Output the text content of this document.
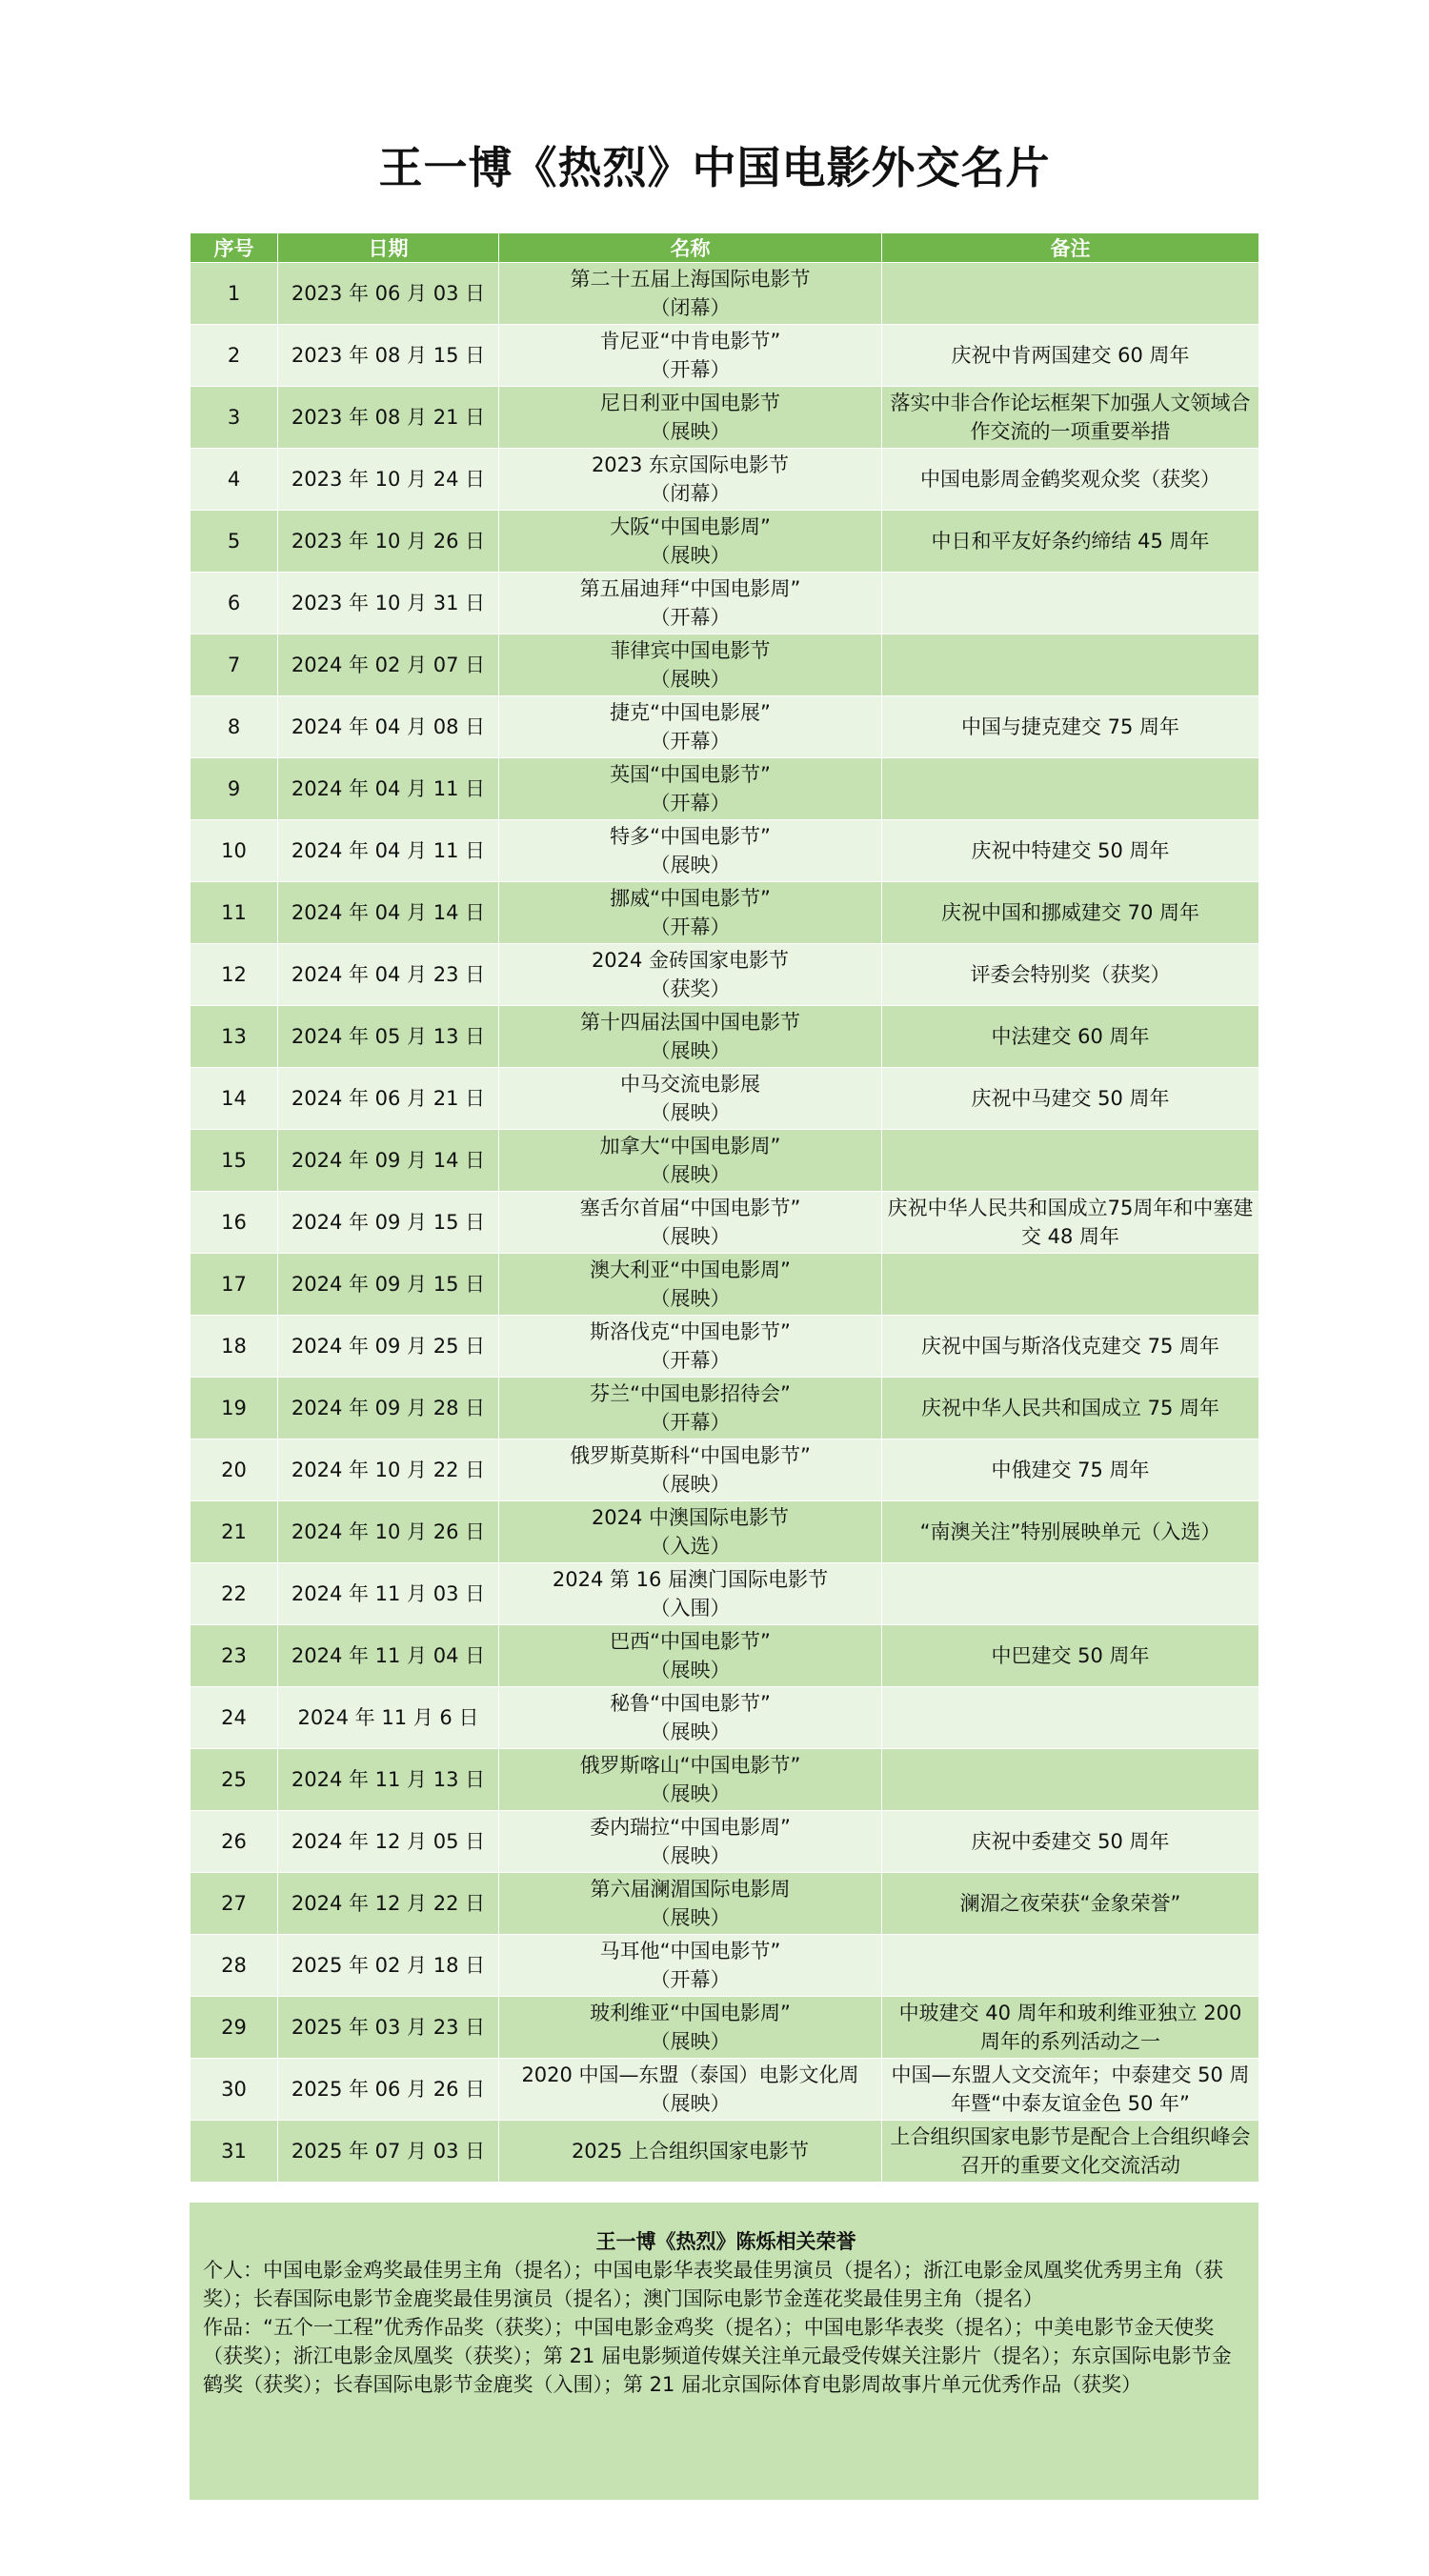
王一博《热烈》中国电影外交名片
序号	日期	名称	备注
1	2023 年 06 月 03 日	第二十五届上海国际电影节
（闭幕）	

2	2023 年 08 月 15 日	肯尼亚“中肯电影节”
（开幕）	庆祝中肯两国建交 60 周年
3	2023 年 08 月 21 日	尼日利亚中国电影节
（展映）	落实中非合作论坛框架下加强人文领域合作交流的一项重要举措
4	2023 年 10 月 24 日	2023 东京国际电影节
（闭幕）	中国电影周金鹤奖观众奖（获奖）
5	2023 年 10 月 26 日	大阪“中国电影周”
（展映）	中日和平友好条约缔结 45 周年
6	2023 年 10 月 31 日	第五届迪拜“中国电影周”
（开幕）	

7	2024 年 02 月 07 日	菲律宾中国电影节
（展映）	

8	2024 年 04 月 08 日	捷克“中国电影展”
（开幕）	中国与捷克建交 75 周年
9	2024 年 04 月 11 日	英国“中国电影节”
（开幕）	

10	2024 年 04 月 11 日	特多“中国电影节”
（展映）	庆祝中特建交 50 周年
11	2024 年 04 月 14 日	挪威“中国电影节”
（开幕）	庆祝中国和挪威建交 70 周年
12	2024 年 04 月 23 日	2024 金砖国家电影节
（获奖）	评委会特别奖（获奖）
13	2024 年 05 月 13 日	第十四届法国中国电影节
（展映）	中法建交 60 周年
14	2024 年 06 月 21 日	中马交流电影展
（展映）	庆祝中马建交 50 周年
15	2024 年 09 月 14 日	加拿大“中国电影周”
（展映）	

16	2024 年 09 月 15 日	塞舌尔首届“中国电影节”
（展映）	庆祝中华人民共和国成立75周年和中塞建交 48 周年
17	2024 年 09 月 15 日	澳大利亚“中国电影周”
（展映）	

18	2024 年 09 月 25 日	斯洛伐克“中国电影节”
（开幕）	庆祝中国与斯洛伐克建交 75 周年
19	2024 年 09 月 28 日	芬兰“中国电影招待会”
（开幕）	庆祝中华人民共和国成立 75 周年
20	2024 年 10 月 22 日	俄罗斯莫斯科“中国电影节”
（展映）	中俄建交 75 周年
21	2024 年 10 月 26 日	2024 中澳国际电影节
（入选）	“南澳关注”特别展映单元（入选）
22	2024 年 11 月 03 日	2024 第 16 届澳门国际电影节
（入围）	

23	2024 年 11 月 04 日	巴西“中国电影节”
（展映）	中巴建交 50 周年
24	2024 年 11 月 6 日	秘鲁“中国电影节”
（展映）	

25	2024 年 11 月 13 日	俄罗斯喀山“中国电影节”
（展映）	

26	2024 年 12 月 05 日	委内瑞拉“中国电影周”
（展映）	庆祝中委建交 50 周年
27	2024 年 12 月 22 日	第六届澜湄国际电影周
（展映）	澜湄之夜荣获“金象荣誉”
28	2025 年 02 月 18 日	马耳他“中国电影节”
（开幕）	

29	2025 年 03 月 23 日	玻利维亚“中国电影周”
（展映）	中玻建交 40 周年和玻利维亚独立 200 周年的系列活动之一
30	2025 年 06 月 26 日	2020 中国—东盟（泰国）电影文化周（展映）	中国—东盟人文交流年；中泰建交 50 周年暨“中泰友谊金色 50 年”
31	2025 年 07 月 03 日	2025 上合组织国家电影节	上合组织国家电影节是配合上合组织峰会召开的重要文化交流活动
王一博《热烈》陈烁相关荣誉
个人：中国电影金鸡奖最佳男主角（提名）；中国电影华表奖最佳男演员（提名）；浙江电影金凤凰奖优秀男主角（获奖）；长春国际电影节金鹿奖最佳男演员（提名）；澳门国际电影节金莲花奖最佳男主角（提名）
作品：“五个一工程”优秀作品奖（获奖）；中国电影金鸡奖（提名）；中国电影华表奖（提名）；中美电影节金天使奖（获奖）；浙江电影金凤凰奖（获奖）；第 21 届电影频道传媒关注单元最受传媒关注影片（提名）；东京国际电影节金鹤奖（获奖）；长春国际电影节金鹿奖（入围）；第 21 届北京国际体育电影周故事片单元优秀作品（获奖）
